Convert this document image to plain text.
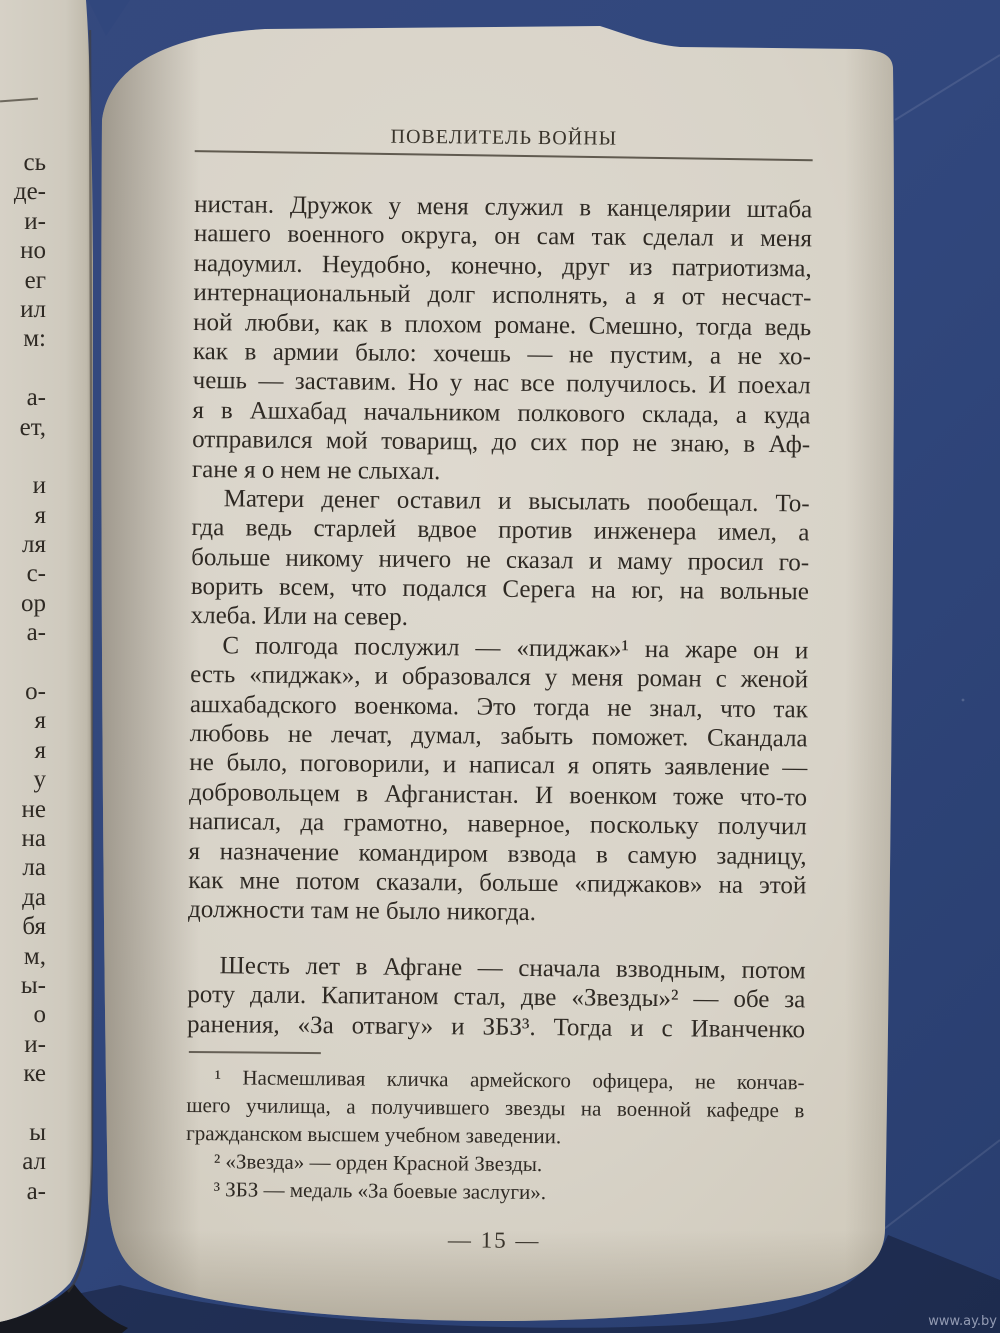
сь
де-
и-
но
ег
ил
м:

а-
ет,

и
я
ля
с-
ор
а-

о-
я
я
у
не
на
ла
да
бя
м,
ы-
о
и-
ке

ы
ал
а-
ПОВЕЛИТЕЛЬ ВОЙНЫ
нистан. Дружок у меня служил в канцелярии штаба
нашего военного округа, он сам так сделал и меня
надоумил. Неудобно, конечно, друг из патриотизма,
интернациональный долг исполнять, а я от несчаст-
ной любви, как в плохом романе. Смешно, тогда ведь
как в армии было: хочешь — не пустим, а не хо-
чешь — заставим. Но у нас все получилось. И поехал
я в Ашхабад начальником полкового склада, а куда
отправился мой товарищ, до сих пор не знаю, в Аф-
гане я о нем не слыхал.
Матери денег оставил и высылать пообещал. То-
гда ведь старлей вдвое против инженера имел, а
больше никому ничего не сказал и маму просил го-
ворить всем, что подался Серега на юг, на вольные
хлеба. Или на север.
С полгода послужил — «пиджак»¹ на жаре он и
есть «пиджак», и образовался у меня роман с женой
ашхабадского военкома. Это тогда не знал, что так
любовь не лечат, думал, забыть поможет. Скандала
не было, поговорили, и написал я опять заявление —
добровольцем в Афганистан. И военком тоже что-то
написал, да грамотно, наверное, поскольку получил
я назначение командиром взвода в самую задницу,
как мне потом сказали, больше «пиджаков» на этой
должности там не было никогда.
Шесть лет в Афгане — сначала взводным, потом
роту дали. Капитаном стал, две «Звезды»² — обе за
ранения, «За отвагу» и ЗБЗ³. Тогда и с Иванченко
¹ Насмешливая кличка армейского офицера, не кончав-
шего училища, а получившего звезды на военной кафедре в
гражданском высшем учебном заведении.
² «Звезда» — орден Красной Звезды.
³ ЗБЗ — медаль «За боевые заслуги».
— 15 —
www.ay.by
